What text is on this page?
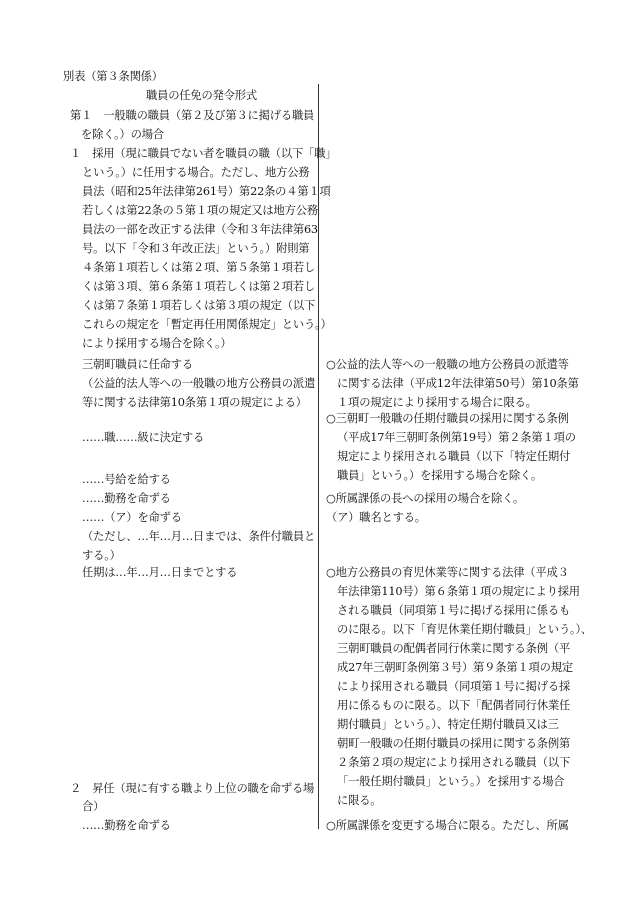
別表（第３条関係）
職員の任免の発令形式
第１　一般職の職員（第２及び第３に掲げる職員
を除く。）の場合
１　採用（現に職員でない者を職員の職（以下「職」
という。）に任用する場合。ただし、地方公務
員法（昭和25年法律第261号）第22条の４第１項
若しくは第22条の５第１項の規定又は地方公務
員法の一部を改正する法律（令和３年法律第63
号。以下「令和３年改正法」という。）附則第
４条第１項若しくは第２項、第５条第１項若し
くは第３項、第６条第１項若しくは第２項若し
くは第７条第１項若しくは第３項の規定（以下
これらの規定を「暫定再任用関係規定」という。）
により採用する場合を除く。）
三朝町職員に任命する
（公益的法人等への一般職の地方公務員の派遣
等に関する法律第10条第１項の規定による）
……職……級に決定する
……号給を給する
……勤務を命ずる
……（ア）を命ずる
（ただし、…年…月…日までは、条件付職員と
する。）
任期は…年…月…日までとする
２　昇任（現に有する職より上位の職を命ずる場
合）
……勤務を命ずる
○公益的法人等への一般職の地方公務員の派遣等
に関する法律（平成12年法律第50号）第10条第
１項の規定により採用する場合に限る。
○三朝町一般職の任期付職員の採用に関する条例
（平成17年三朝町条例第19号）第２条第１項の
規定により採用される職員（以下「特定任期付
職員」という。）を採用する場合を除く。
○所属課係の長への採用の場合を除く。
（ア）職名とする。
○地方公務員の育児休業等に関する法律（平成３
年法律第110号）第６条第１項の規定により採用
される職員（同項第１号に掲げる採用に係るも
のに限る。以下「育児休業任期付職員」という。）、
三朝町職員の配偶者同行休業に関する条例（平
成27年三朝町条例第３号）第９条第１項の規定
により採用される職員（同項第１号に掲げる採
用に係るものに限る。以下「配偶者同行休業任
期付職員」という。）、特定任期付職員又は三
朝町一般職の任期付職員の採用に関する条例第
２条第２項の規定により採用される職員（以下
「一般任期付職員」という。）を採用する場合
に限る。
○所属課係を変更する場合に限る。ただし、所属
